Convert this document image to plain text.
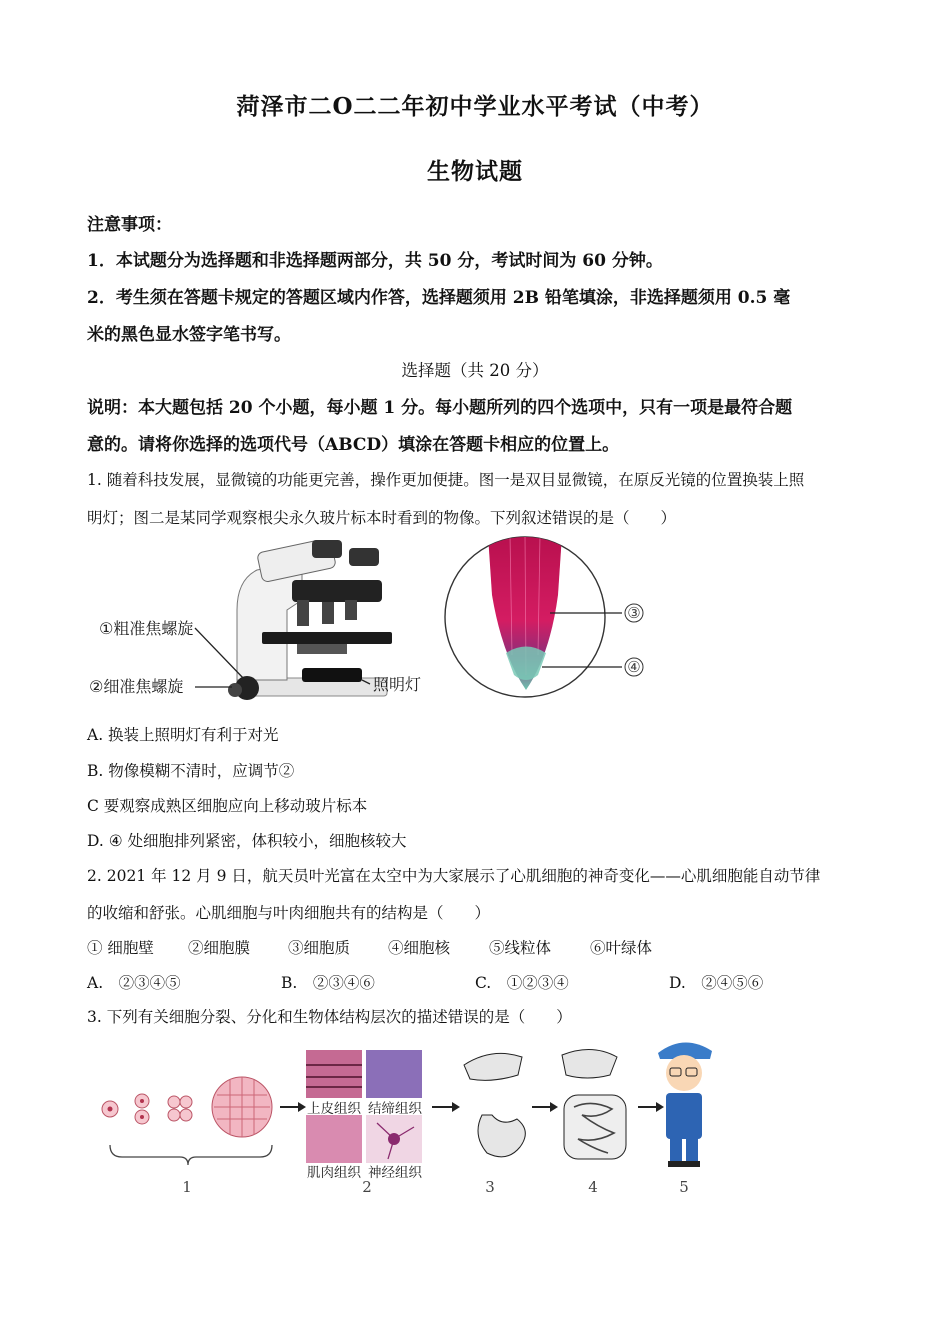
菏泽市二O二二年初中学业水平考试（中考）
生物试题
注意事项：
1．本试题分为选择题和非选择题两部分，共 50 分，考试时间为 60 分钟。
2．考生须在答题卡规定的答题区域内作答，选择题须用 2B 铅笔填涂，非选择题须用 0.5 毫
米的黑色显水签字笔书写。
选择题（共 20 分）
说明：本大题包括 20 个小题，每小题 1 分。每小题所列的四个选项中，只有一项是最符合题
意的。请将你选择的选项代号（ABCD）填涂在答题卡相应的位置上。
1. 随着科技发展，显微镜的功能更完善，操作更加便捷。图一是双目显微镜，在原反光镜的位置换装上照
明灯；图二是某同学观察根尖永久玻片标本时看到的物像。下列叙述错误的是（　　）
①粗准焦螺旋
②细准焦螺旋	照明灯
③
④
A. 换装上照明灯有利于对光
B. 物像模糊不清时，应调节②
C 要观察成熟区细胞应向上移动玻片标本
D. ④ 处细胞排列紧密，体积较小，细胞核较大
2. 2021 年 12 月 9 日，航天员叶光富在太空中为大家展示了心肌细胞的神奇变化——心肌细胞能自动节律
的收缩和舒张。心肌细胞与叶肉细胞共有的结构是（　　）
① 细胞壁 ②细胞膜 ③细胞质 ④细胞核	⑤线粒体	⑥叶绿体
A.　②③④⑤	B.　②③④⑥	C.　①②③④	D.　②④⑤⑥
3. 下列有关细胞分裂、分化和生物体结构层次的描述错误的是（　　）
上皮组织 结缔组织
肌肉组织 神经组织
1	2	3	4	5
